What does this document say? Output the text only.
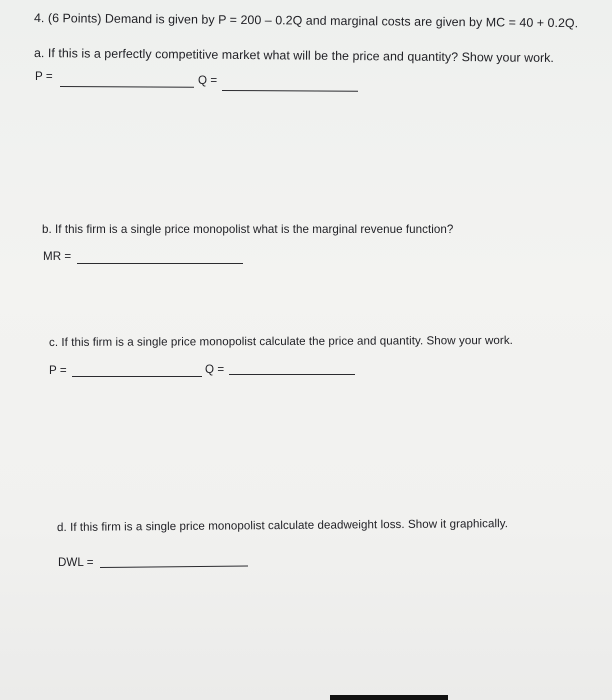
4. (6 Points) Demand is given by P = 200 – 0.2Q and marginal costs are given by MC = 40 + 0.2Q.
a. If this is a perfectly competitive market what will be the price and quantity? Show your work.
P =	Q =
b. If this firm is a single price monopolist what is the marginal revenue function?
MR =
c. If this firm is a single price monopolist calculate the price and quantity. Show your work.
P =	Q =
d. If this firm is a single price monopolist calculate deadweight loss. Show it graphically.
DWL =
